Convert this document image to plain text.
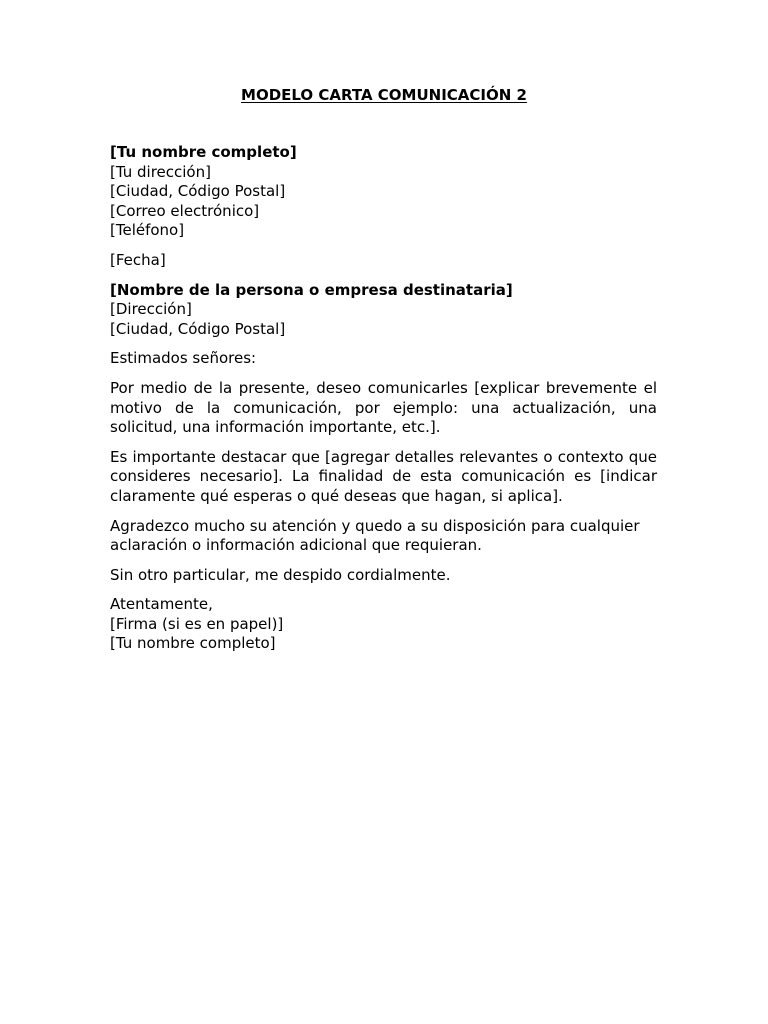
MODELO CARTA COMUNICACIÓN 2
[Tu nombre completo]
[Tu dirección]
[Ciudad, Código Postal]
[Correo electrónico]
[Teléfono]
[Fecha]
[Nombre de la persona o empresa destinataria]
[Dirección]
[Ciudad, Código Postal]
Estimados señores:

Por medio de la presente, deseo comunicarles [explicar brevemente el motivo de la comunicación, por ejemplo: una actualización, una solicitud, una información importante, etc.].

Es importante destacar que [agregar detalles relevantes o contexto que consideres necesario]. La finalidad de esta comunicación es [indicar claramente qué esperas o qué deseas que hagan, si aplica].

Agradezco mucho su atención y quedo a su disposición para cualquier aclaración o información adicional que requieran.

Sin otro particular, me despido cordialmente.

Atentamente,
[Firma (si es en papel)]
[Tu nombre completo]
